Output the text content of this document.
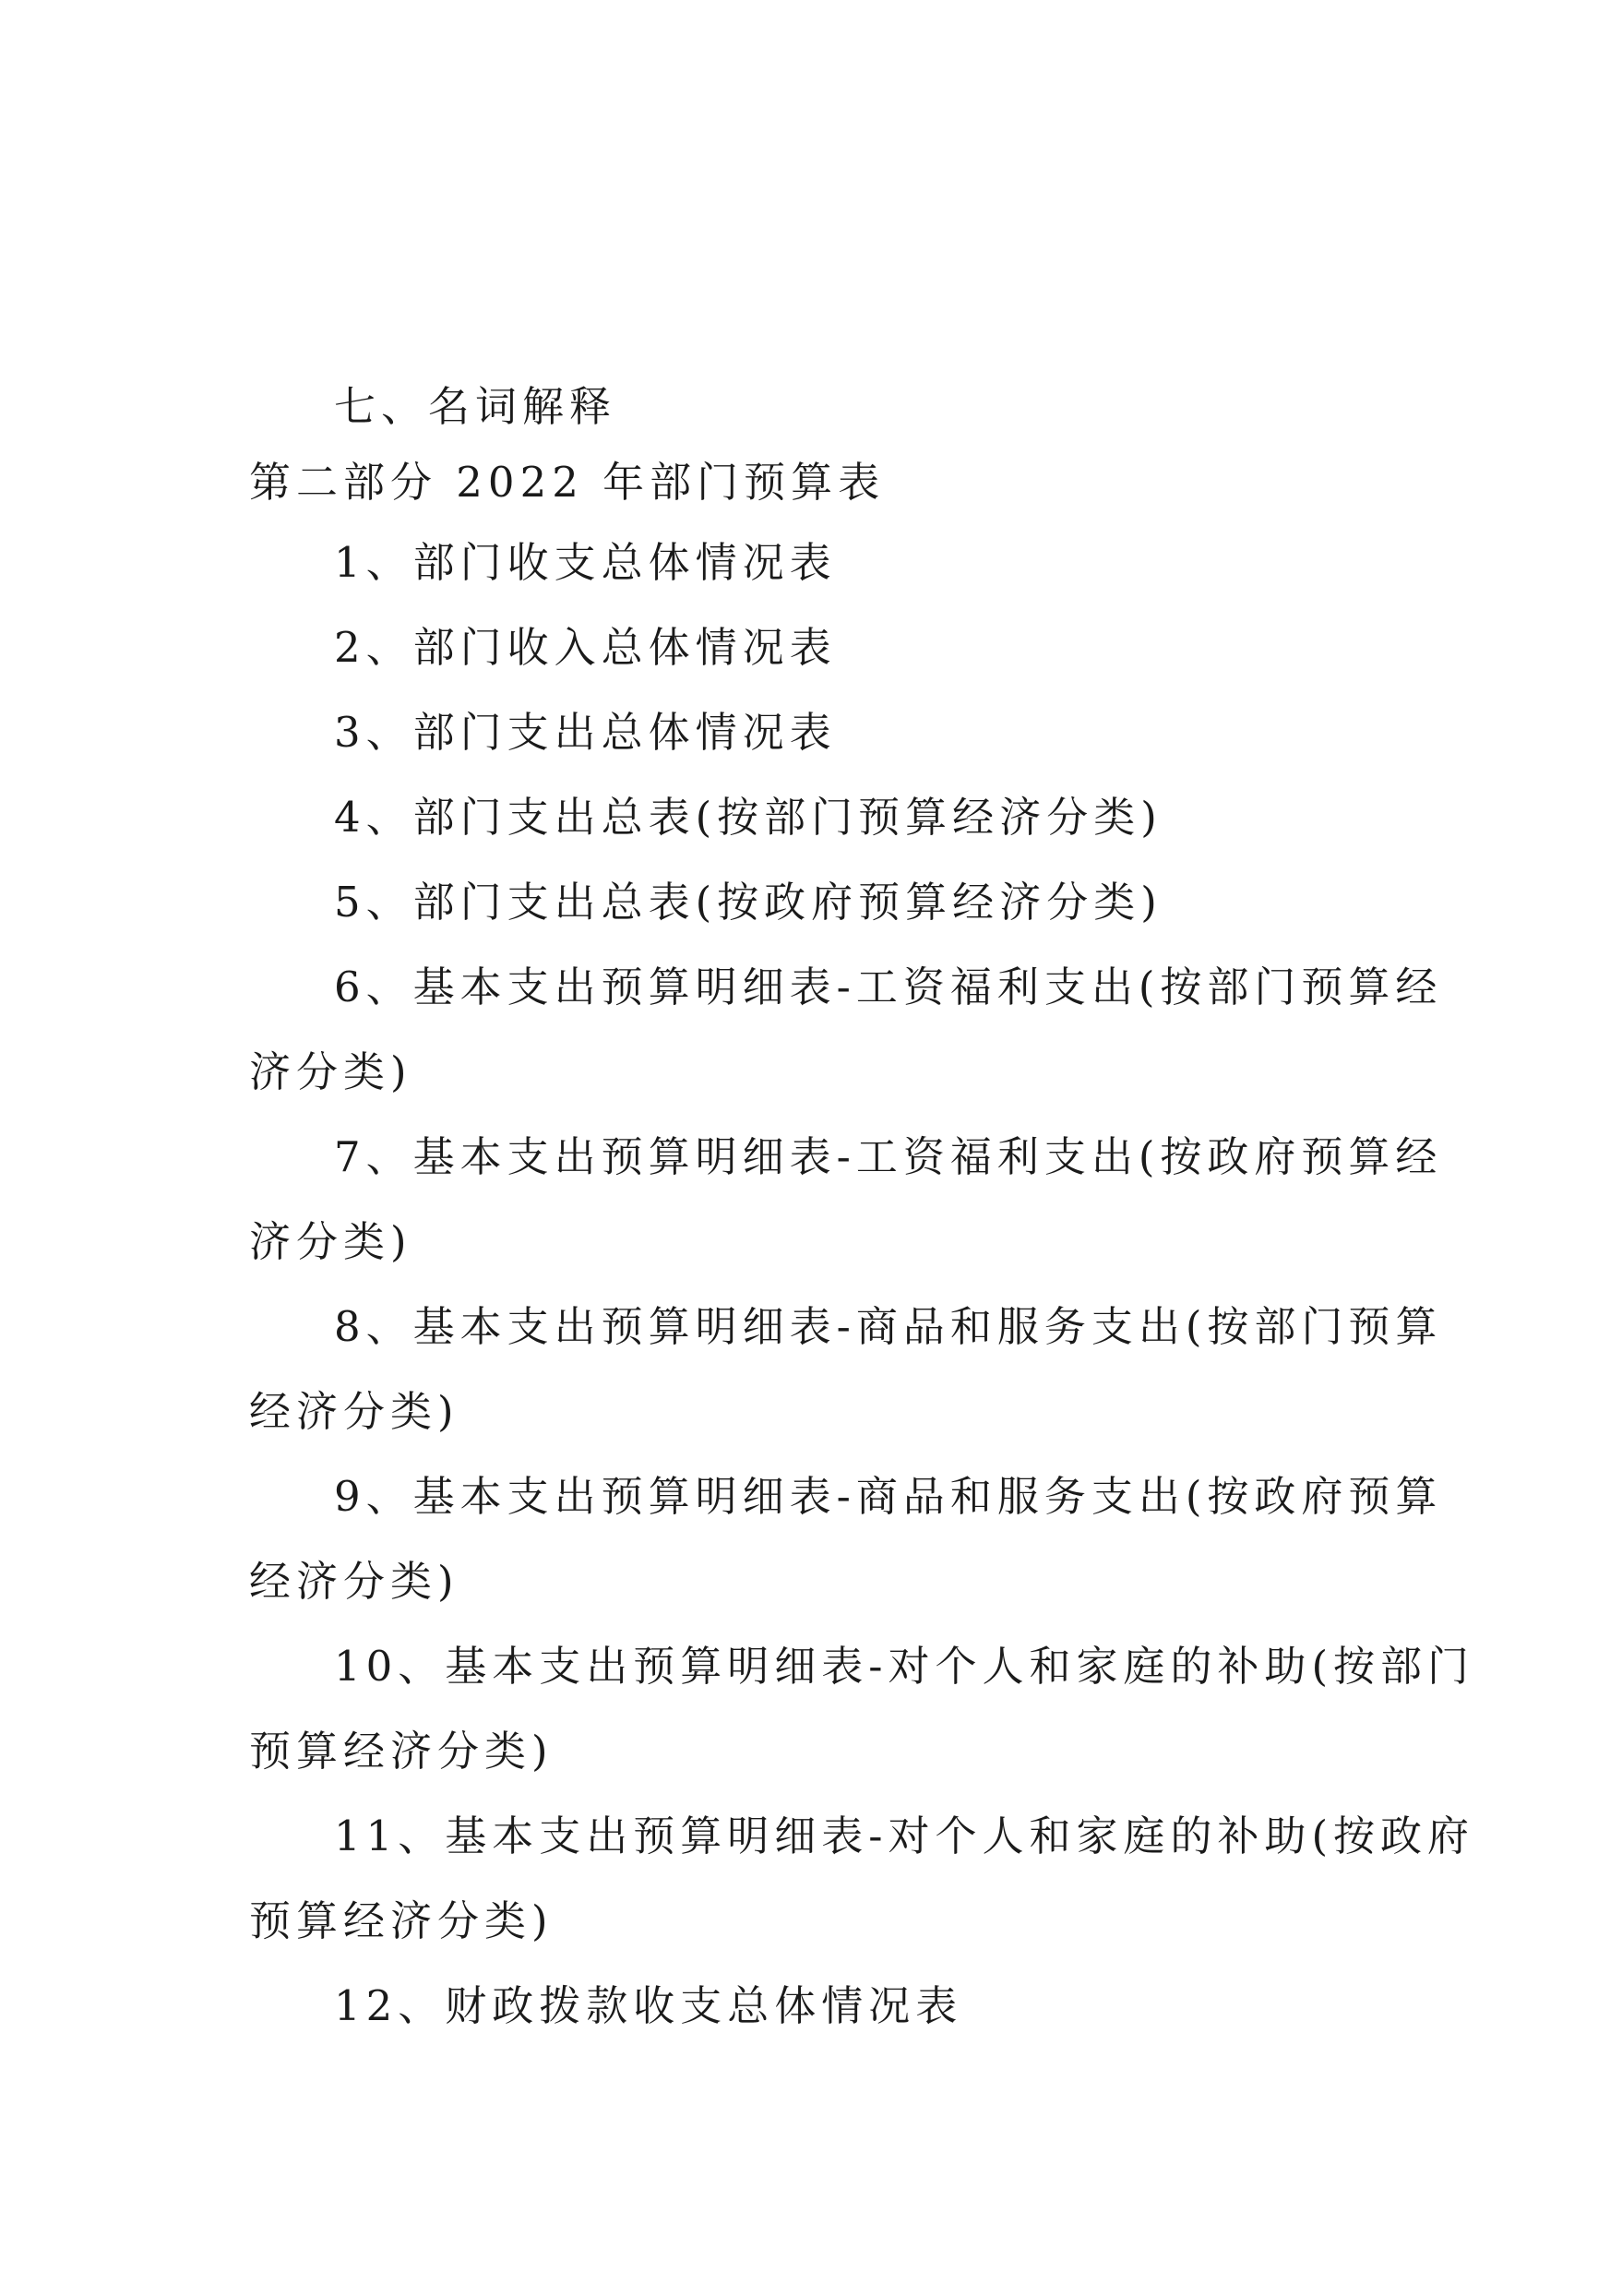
七、名词解释
第二部分 2022 年部门预算表
1、部门收支总体情况表
2、部门收入总体情况表
3、部门支出总体情况表
4、部门支出总表(按部门预算经济分类)
5、部门支出总表(按政府预算经济分类)
6、基本支出预算明细表-工资福利支出(按部门预算经
济分类)
7、基本支出预算明细表-工资福利支出(按政府预算经
济分类)
8、基本支出预算明细表-商品和服务支出(按部门预算
经济分类)
9、基本支出预算明细表-商品和服务支出(按政府预算
经济分类)
10、基本支出预算明细表-对个人和家庭的补助(按部门
预算经济分类)
11、基本支出预算明细表-对个人和家庭的补助(按政府
预算经济分类)
12、财政拨款收支总体情况表
